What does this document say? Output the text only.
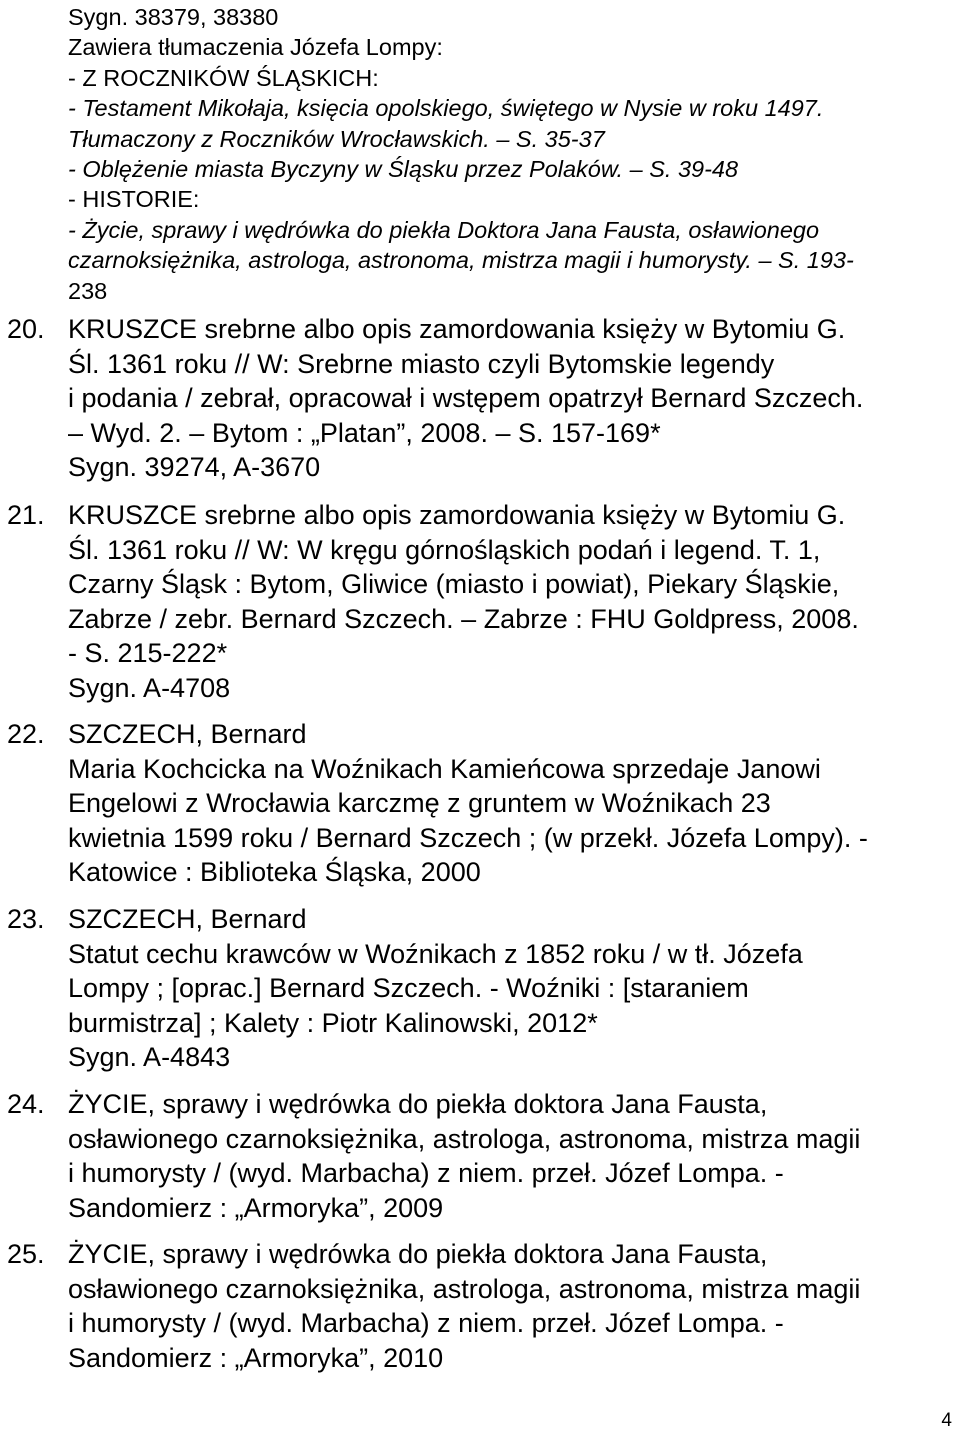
Sygn. 38379, 38380
Zawiera tłumaczenia Józefa Lompy:
- Z ROCZNIKÓW ŚLĄSKICH:
- Testament Mikołaja, księcia opolskiego, świętego w Nysie w roku 1497.
Tłumaczony z Roczników Wrocławskich. – S. 35-37
- Oblężenie miasta Byczyny w Śląsku przez Polaków. – S. 39-48
- HISTORIE:
- Życie, sprawy i wędrówka do piekła Doktora Jana Fausta, osławionego
czarnoksiężnika, astrologa, astronoma, mistrza magii i humorysty. – S. 193-
238
20. KRUSZCE srebrne albo opis zamordowania księży w Bytomiu G.
Śl. 1361 roku // W: Srebrne miasto czyli Bytomskie legendy
i podania / zebrał, opracował i wstępem opatrzył Bernard Szczech.
– Wyd. 2. – Bytom : „Platan”, 2008. – S. 157-169*
Sygn. 39274, A-3670
21. KRUSZCE srebrne albo opis zamordowania księży w Bytomiu G.
Śl. 1361 roku // W: W kręgu górnośląskich podań i legend. T. 1,
Czarny Śląsk : Bytom, Gliwice (miasto i powiat), Piekary Śląskie,
Zabrze / zebr. Bernard Szczech. – Zabrze : FHU Goldpress, 2008.
- S. 215-222*
Sygn. A-4708
22. SZCZECH, Bernard
Maria Kochcicka na Woźnikach Kamieńcowa sprzedaje Janowi
Engelowi z Wrocławia karczmę z gruntem w Woźnikach 23
kwietnia 1599 roku / Bernard Szczech ; (w przekł. Józefa Lompy). -
Katowice : Biblioteka Śląska, 2000
23. SZCZECH, Bernard
Statut cechu krawców w Woźnikach z 1852 roku / w tł. Józefa
Lompy ; [oprac.] Bernard Szczech. - Woźniki : [staraniem
burmistrza] ; Kalety : Piotr Kalinowski, 2012*
Sygn. A-4843
24. ŻYCIE, sprawy i wędrówka do piekła doktora Jana Fausta,
osławionego czarnoksiężnika, astrologa, astronoma, mistrza magii
i humorysty / (wyd. Marbacha) z niem. przeł. Józef Lompa. -
Sandomierz : „Armoryka”, 2009
25. ŻYCIE, sprawy i wędrówka do piekła doktora Jana Fausta,
osławionego czarnoksiężnika, astrologa, astronoma, mistrza magii
i humorysty / (wyd. Marbacha) z niem. przeł. Józef Lompa. -
Sandomierz : „Armoryka”, 2010
4
